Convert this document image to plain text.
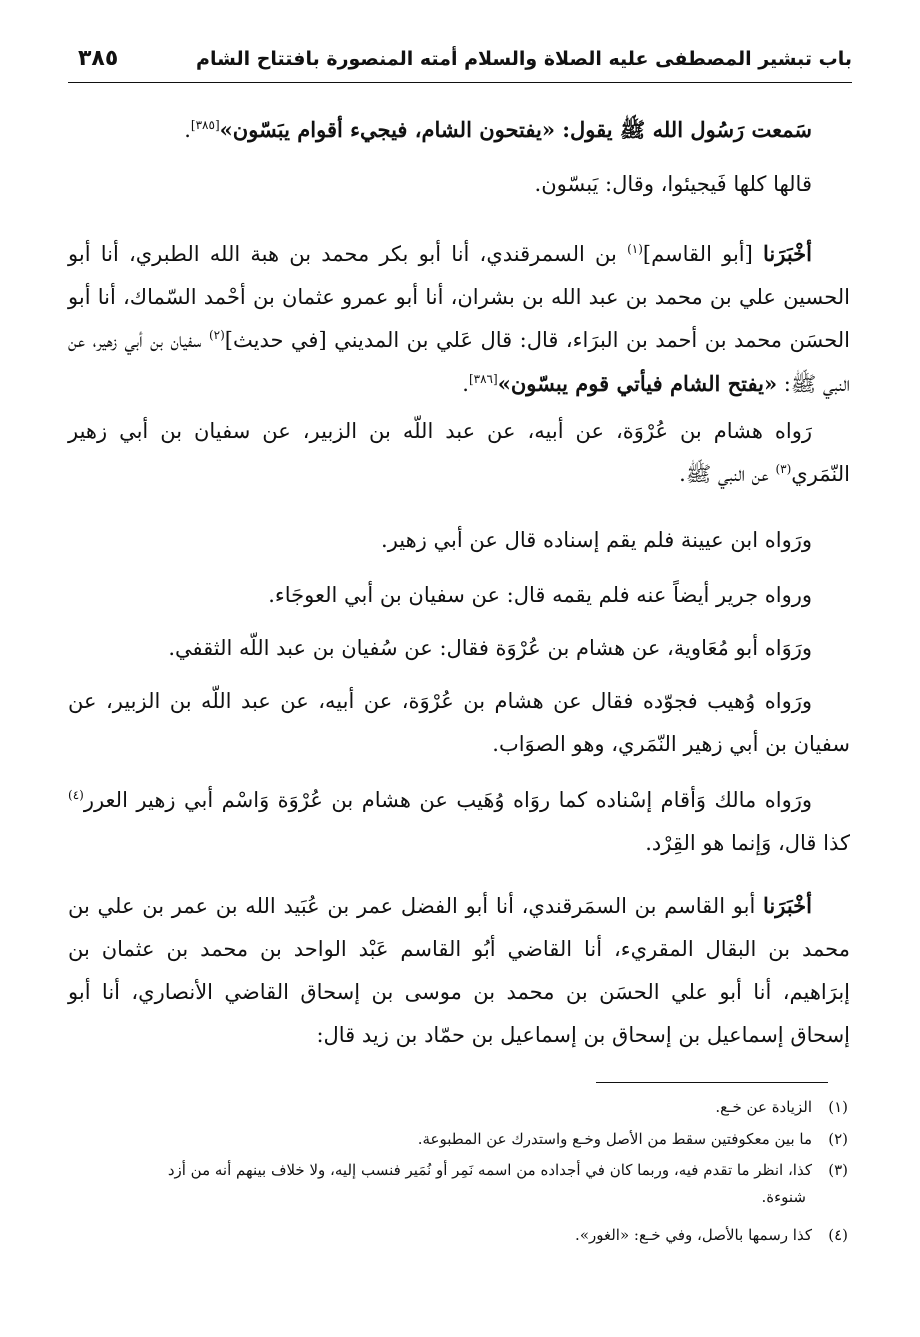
باب تبشير المصطفى عليه الصلاة والسلام أمته المنصورة بافتتاح الشام
٣٨٥

سَمعت رَسُول الله ﷺ يقول: «يفتحون الشام، فيجيء أقوام يبَسّون»[٣٨٥].

قالها كلها فَيجيئوا، وقال: يَبسّون.

أخْبَرَنا [أبو القاسم]$^{(١)}$ بن السمرقندي، أنا أبو بكر محمد بن هبة الله الطبري، أنا أبو الحسين علي بن محمد بن عبد الله بن بشران، أنا أبو عمرو عثمان بن أحْمد السّماك، أنا أبو الحسَن محمد بن أحمد بن البرَاء، قال: قال عَلي بن المديني [في حديث]$^{(٢)}$ سفيان بن أبي زهير، عن النبي ﷺ: «يفتح الشام فيأتي قوم يبسّون»[٣٨٦].

رَواه هشام بن عُرْوَة، عن أبيه، عن عبد اللّه بن الزبير، عن سفيان بن أبي زهير النّمَري$^{(٣)}$ عن النبي ﷺ.

ورَواه ابن عيينة فلم يقم إسناده قال عن أبي زهير.

ورواه جرير أيضاً عنه فلم يقمه قال: عن سفيان بن أبي العوجَاء.

ورَوَاه أبو مُعَاوية، عن هشام بن عُرْوَة فقال: عن سُفيان بن عبد اللّه الثقفي.

ورَواه وُهيب فجوّده فقال عن هشام بن عُرْوَة، عن أبيه، عن عبد اللّه بن الزبير، عن سفيان بن أبي زهير النّمَري، وهو الصوَاب.

ورَواه مالك وَأقام إسْناده كما روَاه وُهَيب عن هشام بن عُرْوَة وَاسْم أبي زهير العرر$^{(٤)}$ كذا قال، وَإنما هو القِرْد.

أخْبَرَنا أبو القاسم بن السمَرقندي، أنا أبو الفضل عمر بن عُبَيد الله بن عمر بن علي بن محمد بن البقال المقريء، أنا القاضي أبُو القاسم عَبْد الواحد بن محمد بن عثمان بن إبرَاهيم، أنا أبو علي الحسَن بن محمد بن موسى بن إسحاق القاضي الأنصاري، أنا أبو إسحاق إسماعيل بن إسحاق بن إسماعيل بن حمّاد بن زيد قال:

(١)الزيادة عن خـع.

(٢)ما بين معكوفتين سقط من الأصل وخـع واستدرك عن المطبوعة.

(٣)كذا، انظر ما تقدم فيه، وربما كان في أجداده من اسمه نَمِر أو نُمَير فنسب إليه، ولا خلاف بينهم أنه من أزد
شنوءة.

(٤)كذا رسمها بالأصل، وفي خـع: «الغور».
